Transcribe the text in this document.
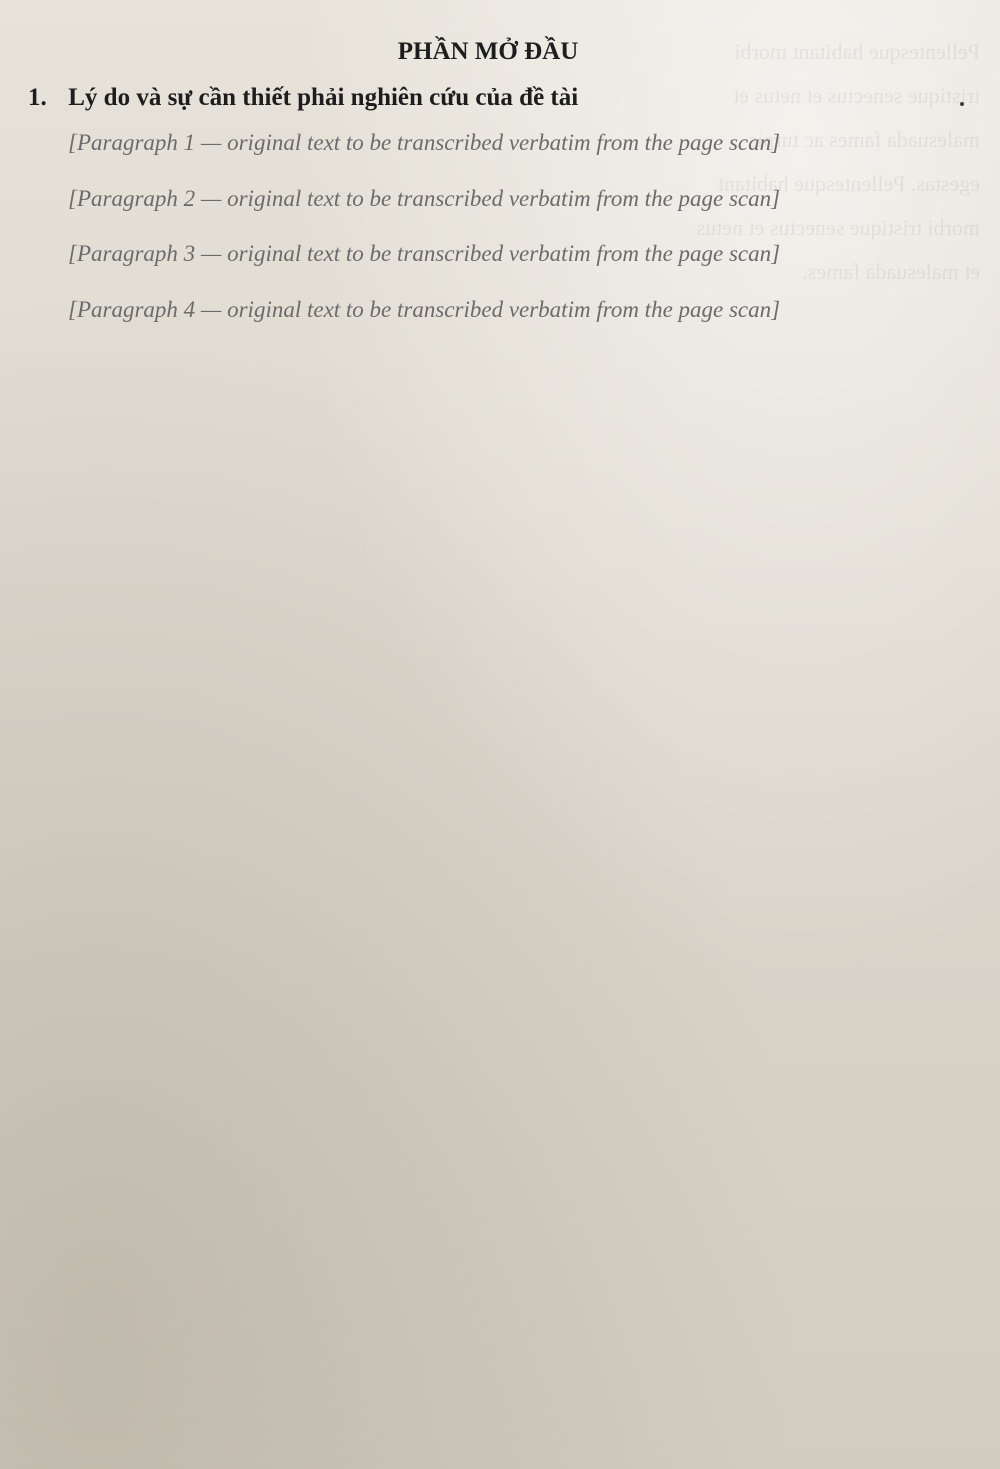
Pellentesque habitant morbi tristique senectus et netus et malesuada fames ac turpis egestas. Pellentesque habitant morbi tristique senectus et netus et malesuada fames.
PHẦN MỞ ĐẦU
1. Lý do và sự cần thiết phải nghiên cứu của đề tài

[Paragraph 1 — original text to be transcribed verbatim from the page scan]

[Paragraph 2 — original text to be transcribed verbatim from the page scan]

[Paragraph 3 — original text to be transcribed verbatim from the page scan]

[Paragraph 4 — original text to be transcribed verbatim from the page scan]
